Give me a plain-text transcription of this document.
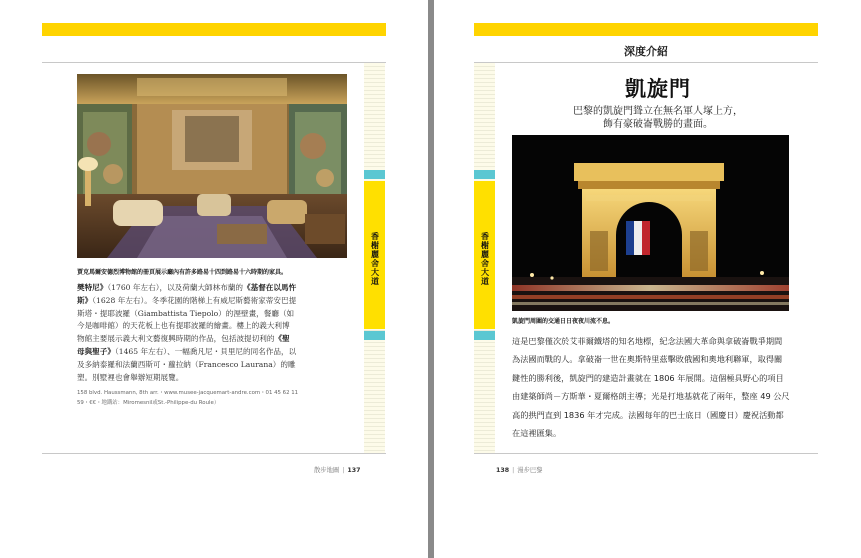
香榭麗舍大道
賈克馬爾安德烈博物館的冊頁展示廳內有許多路易十四到路易十六時期的家具。
樊特尼》（1760 年左右），以及荷蘭大師林布蘭的《基督在以馬忤斯》（1628 年左右）。冬季花園的階梯上有威尼斯藝術家蒂安巴提斯塔・提耶波羅（Giambattista Tiepolo）的溼壁畫，餐廳（如今是咖啡館）的天花板上也有提耶波羅的繪畫。樓上的義大利博物館主要展示義大利文藝復興時期的作品，包括波提切利的《聖母與聖子》（1465 年左右）、一幅喬凡尼・貝里尼的同名作品，以及多納泰羅和法蘭西斯可・蘿拉納（Francesco Laurana）的雕塑。別墅裡也會舉辦短期展覽。
158 blvd. Haussmann, 8th arr.・www.musee-jacquemart-andre.com・01 45 62 11 59・€€・地鐵站：Miromesnil或St.-Philippe-du Roule）
散步地圖 | 137
深度介紹
香榭麗舍大道
凱旋門
巴黎的凱旋門聳立在無名軍人塚上方，
飾有豪破崙戰勝的畫面。
凱旋門周圍的交通日日夜夜川流不息。
這是巴黎僅次於艾菲爾鐵塔的知名地標，紀念法國大革命與拿破崙戰爭期間為法國而戰的人。拿破崙一世在奧斯特里茲擊敗俄國和奧地利聯軍，取得關鍵性的勝利後，凱旋門的建造計畫就在 1806 年展開。這個極具野心的項目由建築師尚－方斯華・夏爾格朗主導；光是打地基就花了兩年，整座 49 公尺高的拱門直到 1836 年才完成。法國每年的巴士底日（國慶日）慶祝活動都在這裡匯集。
138 | 漫步巴黎
